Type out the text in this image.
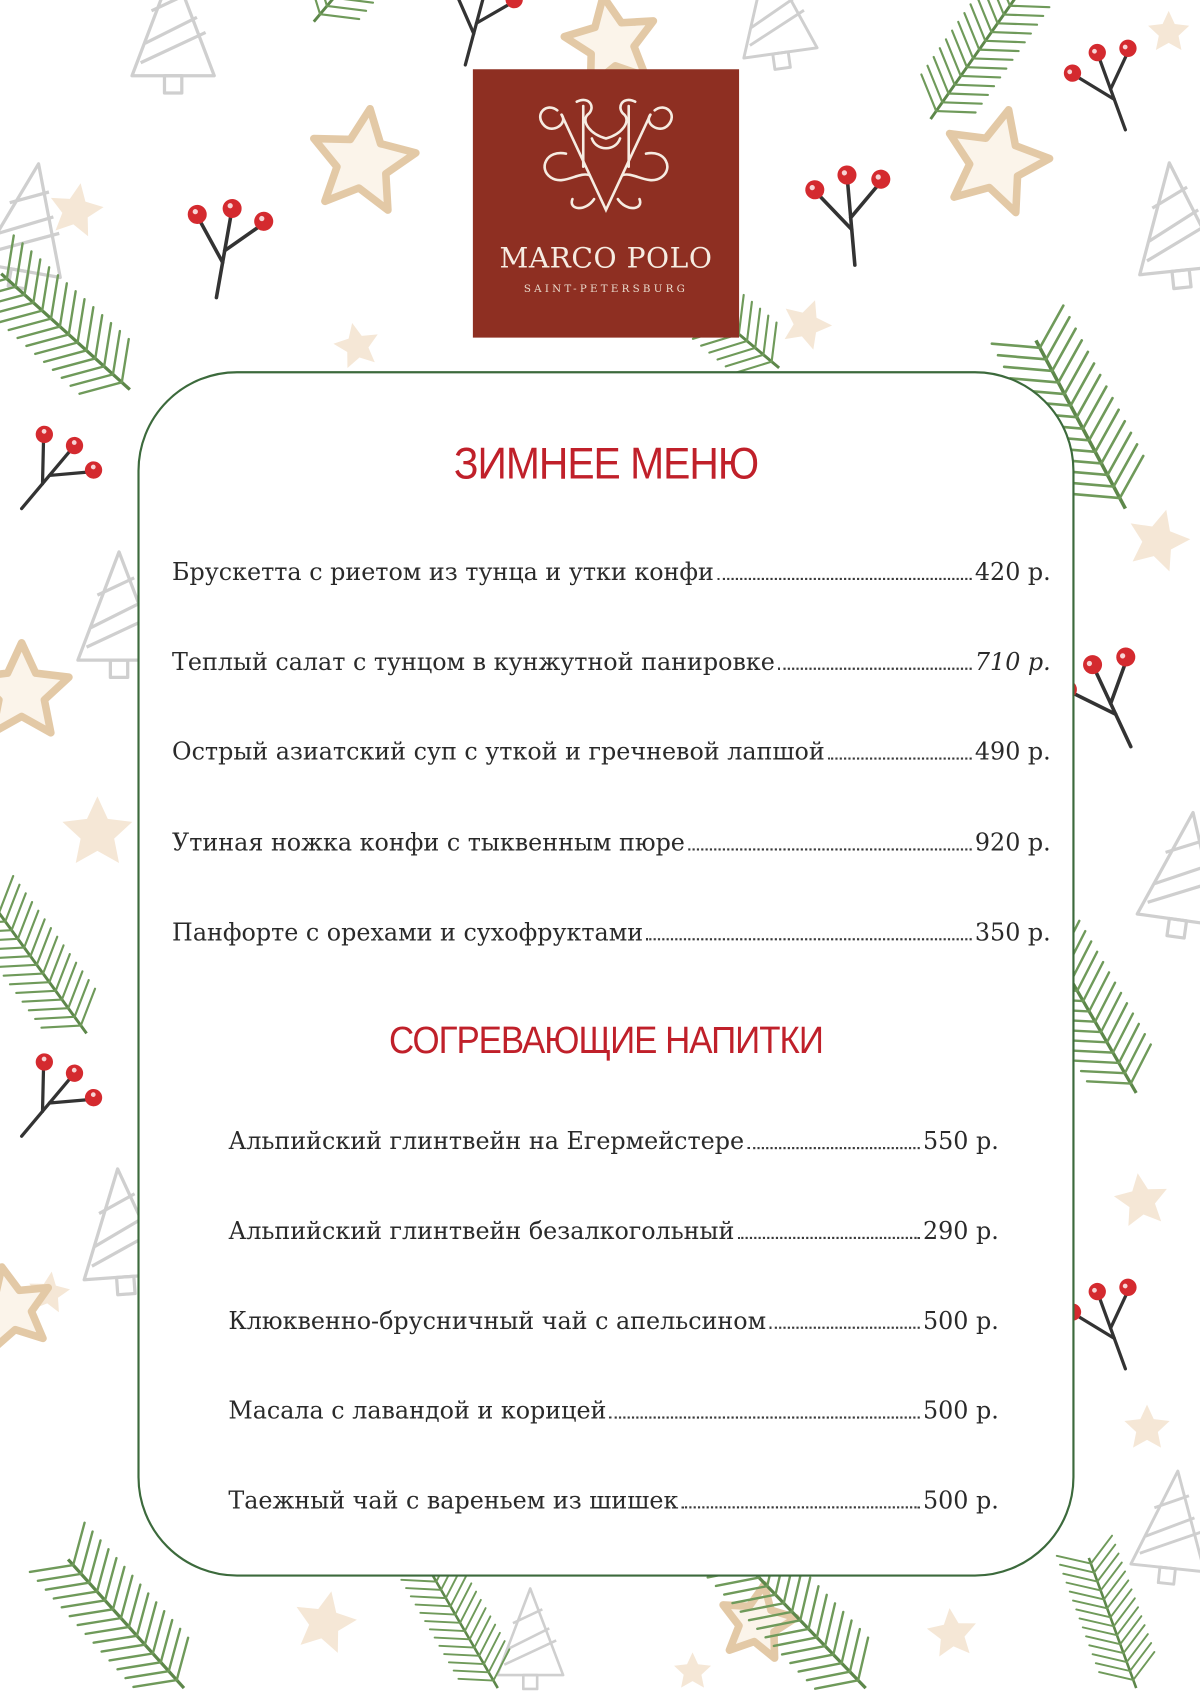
MARCO POLO
SAINT-PETERSBURG
ЗИМНЕЕ МЕНЮ
Брускетта с риетом из тунца и утки конфи	420 р.
Теплый салат с тунцом в кунжутной панировке	710 р.
Острый азиатский суп с уткой и гречневой лапшой	490 р.
Утиная ножка конфи с тыквенным пюре	920 р.
Панфорте с орехами и сухофруктами	350 р.
СОГРЕВАЮЩИЕ НАПИТКИ
Альпийский глинтвейн на Егермейстере	550 р.
Альпийский глинтвейн безалкогольный	290 р.
Клюквенно-брусничный чай с апельсином	500 р.
Масала с лавандой и корицей	500 р.
Таежный чай с вареньем из шишек	500 р.
